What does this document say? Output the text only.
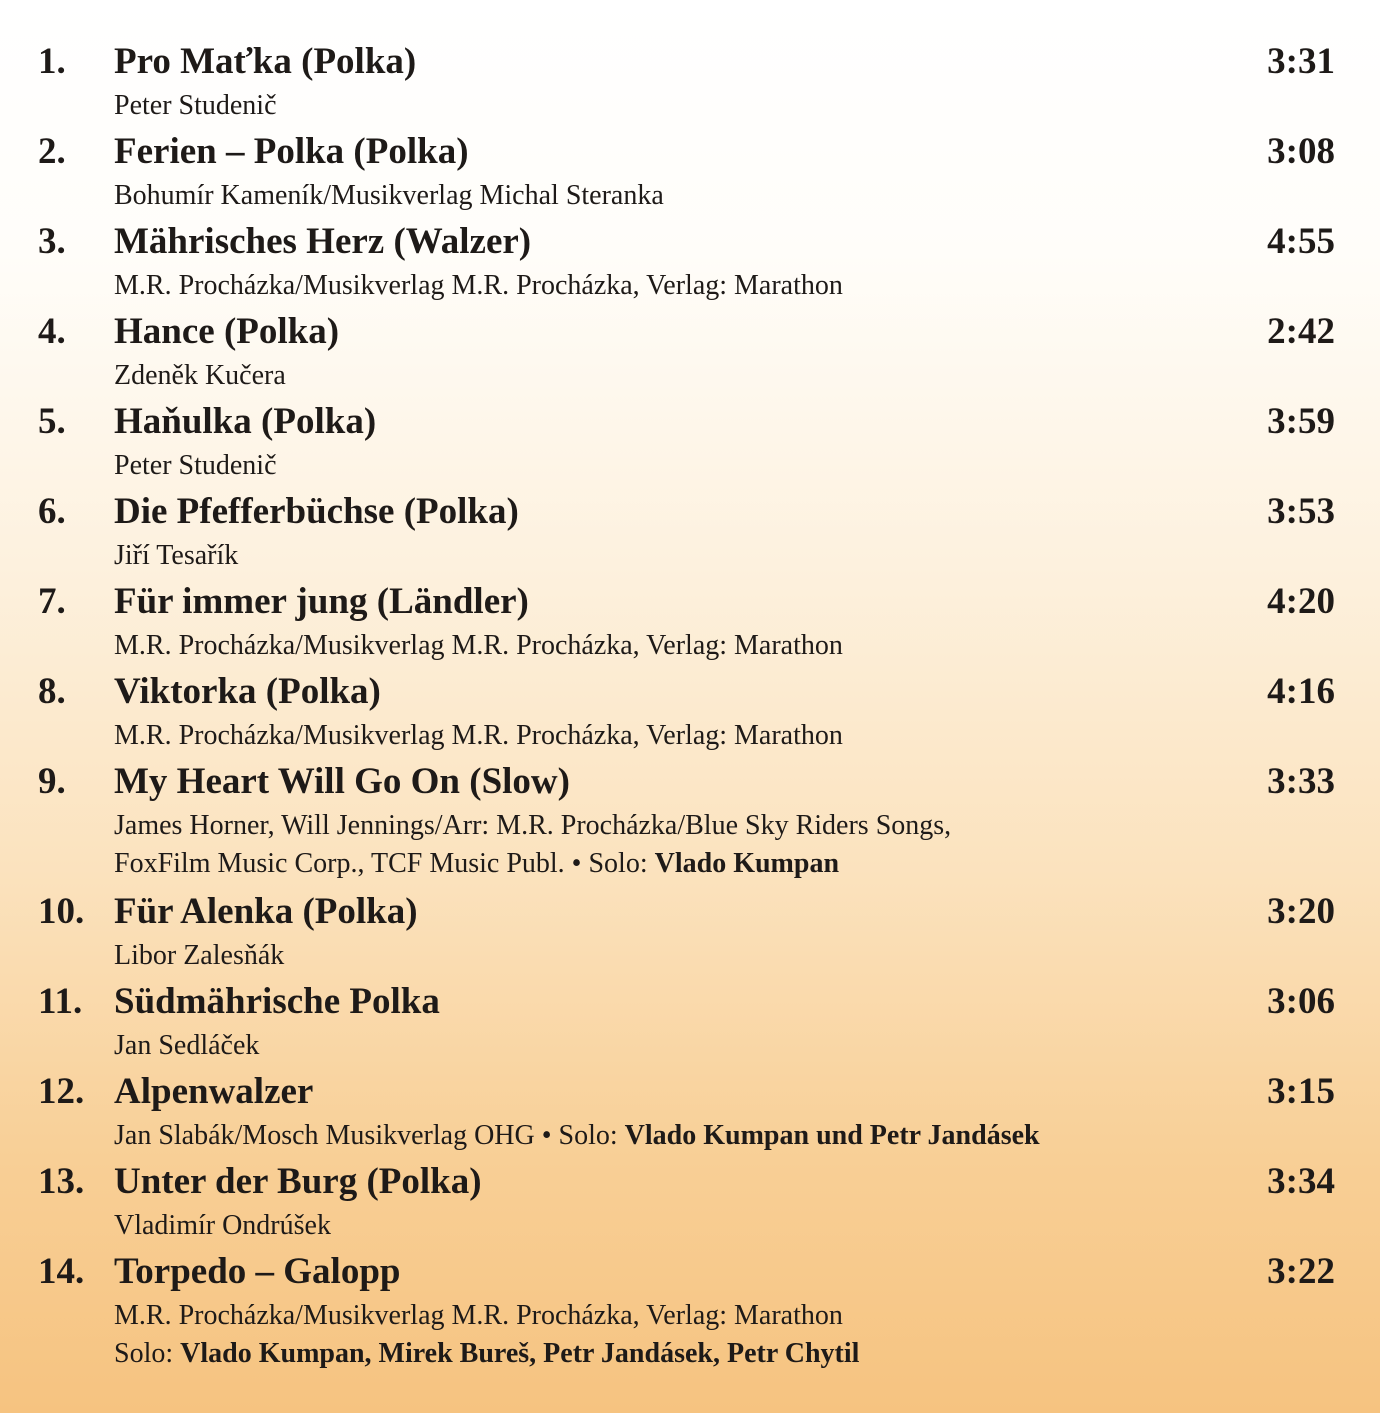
1. Pro Maťka (Polka)	3:31
Peter Studenič
2. Ferien – Polka (Polka)	3:08
Bohumír Kameník/Musikverlag Michal Steranka
3. Mährisches Herz (Walzer)	4:55
M.R. Procházka/Musikverlag M.R. Procházka, Verlag: Marathon
4. Hance (Polka)	2:42
Zdeněk Kučera
5. Haňulka (Polka)	3:59
Peter Studenič
6. Die Pfefferbüchse (Polka)	3:53
Jiří Tesařík
7. Für immer jung (Ländler)	4:20
M.R. Procházka/Musikverlag M.R. Procházka, Verlag: Marathon
8. Viktorka (Polka)	4:16
M.R. Procházka/Musikverlag M.R. Procházka, Verlag: Marathon
9. My Heart Will Go On (Slow)	3:33
James Horner, Will Jennings/Arr: M.R. Procházka/Blue Sky Riders Songs,
FoxFilm Music Corp., TCF Music Publ. • Solo: Vlado Kumpan
10. Für Alenka (Polka)	3:20
Libor Zalesňák
11. Südmährische Polka	3:06
Jan Sedláček
12. Alpenwalzer	3:15
Jan Slabák/Mosch Musikverlag OHG • Solo: Vlado Kumpan und Petr Jandásek
13. Unter der Burg (Polka)	3:34
Vladimír Ondrúšek
14. Torpedo – Galopp	3:22
M.R. Procházka/Musikverlag M.R. Procházka, Verlag: Marathon
Solo: Vlado Kumpan, Mirek Bureš, Petr Jandásek, Petr Chytil
